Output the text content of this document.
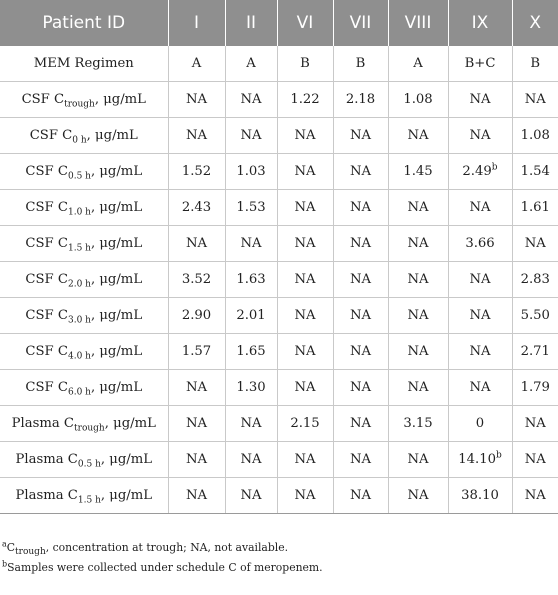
Patient ID	I	II	VI	VII	VIII	IX	X
MEM Regimen	A	A	B	B	A	B+C	B
CSF $C_{trough}$, μg/mL	NA	NA	1.22	2.18	1.08	NA	NA
CSF $C_{0 h}$, μg/mL	NA	NA	NA	NA	NA	NA	1.08
CSF $C_{0.5 h}$, μg/mL	1.52	1.03	NA	NA	1.45	2.49$^b$	1.54
CSF $C_{1.0 h}$, μg/mL	2.43	1.53	NA	NA	NA	NA	1.61
CSF $C_{1.5 h}$, μg/mL	NA	NA	NA	NA	NA	3.66	NA
CSF $C_{2.0 h}$, μg/mL	3.52	1.63	NA	NA	NA	NA	2.83
CSF $C_{3.0 h}$, μg/mL	2.90	2.01	NA	NA	NA	NA	5.50
CSF $C_{4.0 h}$, μg/mL	1.57	1.65	NA	NA	NA	NA	2.71
CSF $C_{6.0 h}$, μg/mL	NA	1.30	NA	NA	NA	NA	1.79
Plasma $C_{trough}$, μg/mL	NA	NA	2.15	NA	3.15	0	NA
Plasma $C_{0.5 h}$, μg/mL	NA	NA	NA	NA	NA	14.10$^b$	NA
Plasma $C_{1.5 h}$, μg/mL	NA	NA	NA	NA	NA	38.10	NA
$^aC_{trough}$, concentration at trough; NA, not available.
$^b$Samples were collected under schedule C of meropenem.
